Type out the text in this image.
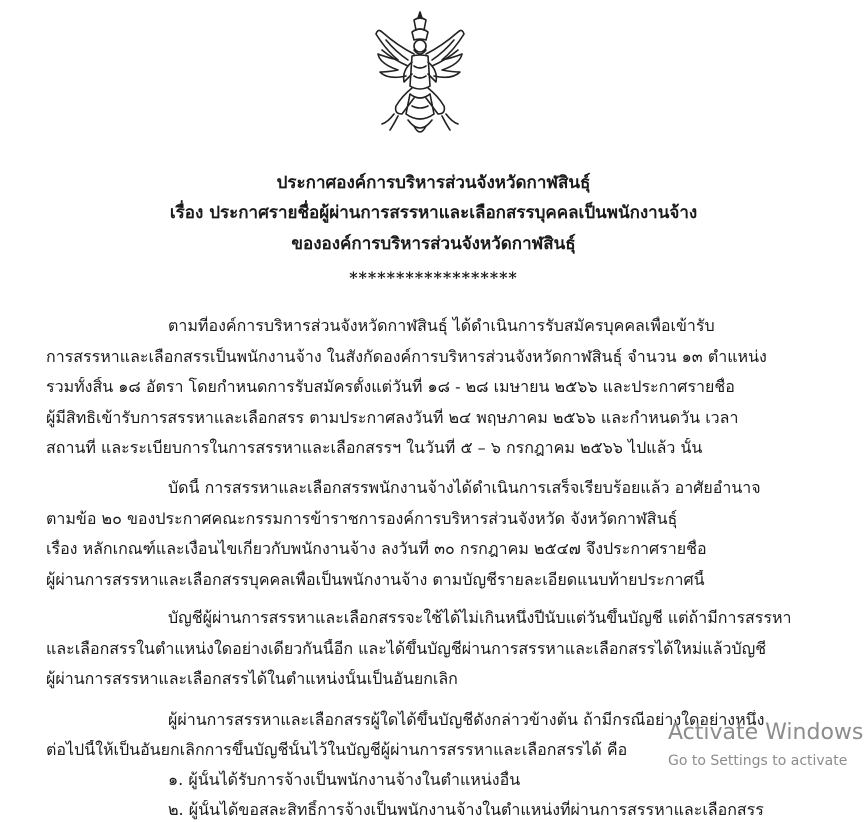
ประกาศองค์การบริหารส่วนจังหวัดกาฬสินธุ์
เรื่อง ประกาศรายชื่อผู้ผ่านการสรรหาและเลือกสรรบุคคลเป็นพนักงานจ้าง
ขององค์การบริหารส่วนจังหวัดกาฬสินธุ์
******************
ตามที่องค์การบริหารส่วนจังหวัดกาฬสินธุ์ ได้ดำเนินการรับสมัครบุคคลเพื่อเข้ารับ
การสรรหาและเลือกสรรเป็นพนักงานจ้าง ในสังกัดองค์การบริหารส่วนจังหวัดกาฬสินธุ์ จำนวน ๑๓ ตำแหน่ง
รวมทั้งสิ้น ๑๘ อัตรา โดยกำหนดการรับสมัครตั้งแต่วันที่ ๑๘ - ๒๘ เมษายน ๒๕๖๖ และประกาศรายชื่อ
ผู้มีสิทธิเข้ารับการสรรหาและเลือกสรร ตามประกาศลงวันที่ ๒๔ พฤษภาคม ๒๕๖๖ และกำหนดวัน เวลา
สถานที่ และระเบียบการในการสรรหาและเลือกสรรฯ ในวันที่ ๕ – ๖ กรกฎาคม ๒๕๖๖ ไปแล้ว นั้น
บัดนี้ การสรรหาและเลือกสรรพนักงานจ้างได้ดำเนินการเสร็จเรียบร้อยแล้ว อาศัยอำนาจ
ตามข้อ ๒๐ ของประกาศคณะกรรมการข้าราชการองค์การบริหารส่วนจังหวัด จังหวัดกาฬสินธุ์
เรื่อง หลักเกณฑ์และเงื่อนไขเกี่ยวกับพนักงานจ้าง ลงวันที่ ๓๐ กรกฎาคม ๒๕๔๗ จึงประกาศรายชื่อ
ผู้ผ่านการสรรหาและเลือกสรรบุคคลเพื่อเป็นพนักงานจ้าง ตามบัญชีรายละเอียดแนบท้ายประกาศนี้
บัญชีผู้ผ่านการสรรหาและเลือกสรรจะใช้ได้ไม่เกินหนึ่งปีนับแต่วันขึ้นบัญชี แต่ถ้ามีการสรรหา
และเลือกสรรในตำแหน่งใดอย่างเดียวกันนี้อีก และได้ขึ้นบัญชีผ่านการสรรหาและเลือกสรรได้ใหม่แล้วบัญชี
ผู้ผ่านการสรรหาและเลือกสรรได้ในตำแหน่งนั้นเป็นอันยกเลิก
ผู้ผ่านการสรรหาและเลือกสรรผู้ใดได้ขึ้นบัญชีดังกล่าวข้างต้น ถ้ามีกรณีอย่างใดอย่างหนึ่ง
ต่อไปนี้ให้เป็นอันยกเลิกการขึ้นบัญชีนั้นไว้ในบัญชีผู้ผ่านการสรรหาและเลือกสรรได้ คือ
๑. ผู้นั้นได้รับการจ้างเป็นพนักงานจ้างในตำแหน่งอื่น
๒. ผู้นั้นได้ขอสละสิทธิ์การจ้างเป็นพนักงานจ้างในตำแหน่งที่ผ่านการสรรหาและเลือกสรร
Activate Windows
Go to Settings to activate
